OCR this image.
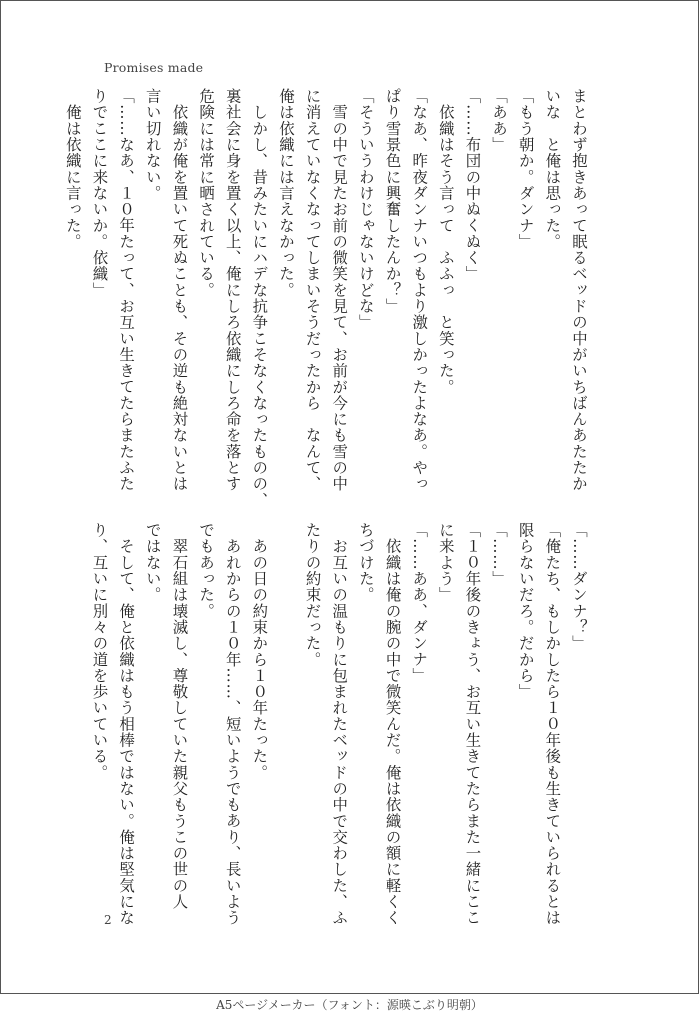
Promises made

まとわず抱きあって眠るベッドの中がいちばんあたたか

いな　と俺は思った。

「もう朝か。ダンナ」

「ああ」

「……布団の中ぬくぬく」

　依織はそう言って　ふふっ　と笑った。

「なあ、昨夜ダンナいつもより激しかったよなあ。やっ

ぱり雪景色に興奮したんか？」

「そういうわけじゃないけどな」

　雪の中で見たお前の微笑を見て、お前が今にも雪の中

に消えていなくなってしまいそうだったから　なんて、

俺は依織には言えなかった。

　しかし、昔みたいにハデな抗争こそなくなったものの、

裏社会に身を置く以上、俺にしろ依織にしろ命を落とす

危険には常に晒されている。

　依織が俺を置いて死ぬことも、その逆も絶対ないとは

言い切れない。

「……なあ、１０年たって、お互い生きてたらまたふた

りでここに来ないか。依織」

　俺は依織に言った。

「……ダンナ？」

「俺たち、もしかしたら１０年後も生きていられるとは

限らないだろ。だから」

「……」

「１０年後のきょう、お互い生きてたらまた一緒にここ

に来よう」

「……ああ、ダンナ」

　依織は俺の腕の中で微笑んだ。俺は依織の額に軽くく

ちづけた。

　お互いの温もりに包まれたベッドの中で交わした、ふ

たりの約束だった。

　あの日の約束から１０年たった。

　あれからの１０年……、短いようでもあり、長いよう

でもあった。

　翠石組は壊滅し、尊敬していた親父もうこの世の人

ではない。

　そして、俺と依織はもう相棒ではない。俺は堅気にな

り、互いに別々の道を歩いている。

2
A5ページメーカー（フォント：源暎こぶり明朝）
